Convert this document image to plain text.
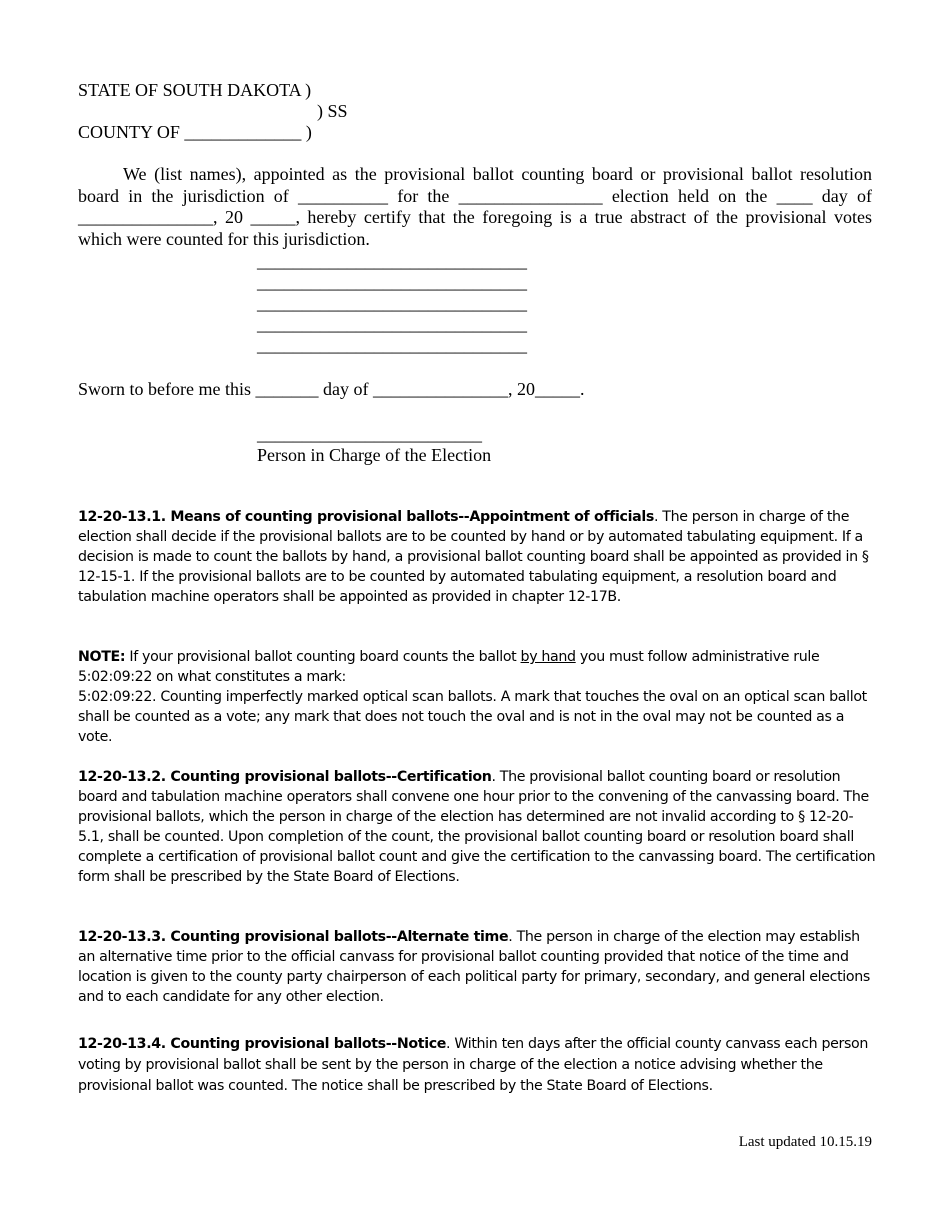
STATE OF SOUTH DAKOTA )
) SS
COUNTY OF _____________ )
We (list names), appointed as the provisional ballot counting board or provisional ballot resolution board in the jurisdiction of __________ for the ________________ election held on the ____ day of _______________, 20 _____, hereby certify that the foregoing is a true abstract of the provisional votes which were counted for this jurisdiction.
______________________________
______________________________
______________________________
______________________________
______________________________
Sworn to before me this _______ day of _______________, 20_____.
_________________________
Person in Charge of the Election

12-20-13.1. Means of counting provisional ballots--Appointment of officials. The person in charge of the election shall decide if the provisional ballots are to be counted by hand or by automated tabulating equipment. If a decision is made to count the ballots by hand, a provisional ballot counting board shall be appointed as provided in § 12-15-1. If the provisional ballots are to be counted by automated tabulating equipment, a resolution board and tabulation machine operators shall be appointed as provided in chapter 12-17B.

NOTE: If your provisional ballot counting board counts the ballot by hand you must follow administrative rule 5:02:09:22 on what constitutes a mark:

5:02:09:22. Counting imperfectly marked optical scan ballots. A mark that touches the oval on an optical scan ballot shall be counted as a vote; any mark that does not touch the oval and is not in the oval may not be counted as a vote.

12-20-13.2. Counting provisional ballots--Certification. The provisional ballot counting board or resolution board and tabulation machine operators shall convene one hour prior to the convening of the canvassing board. The provisional ballots, which the person in charge of the election has determined are not invalid according to § 12-20-5.1, shall be counted. Upon completion of the count, the provisional ballot counting board or resolution board shall complete a certification of provisional ballot count and give the certification to the canvassing board. The certification form shall be prescribed by the State Board of Elections.

12-20-13.3. Counting provisional ballots--Alternate time. The person in charge of the election may establish an alternative time prior to the official canvass for provisional ballot counting provided that notice of the time and location is given to the county party chairperson of each political party for primary, secondary, and general elections and to each candidate for any other election.

12-20-13.4. Counting provisional ballots--Notice. Within ten days after the official county canvass each person voting by provisional ballot shall be sent by the person in charge of the election a notice advising whether the provisional ballot was counted. The notice shall be prescribed by the State Board of Elections.

Last updated 10.15.19
